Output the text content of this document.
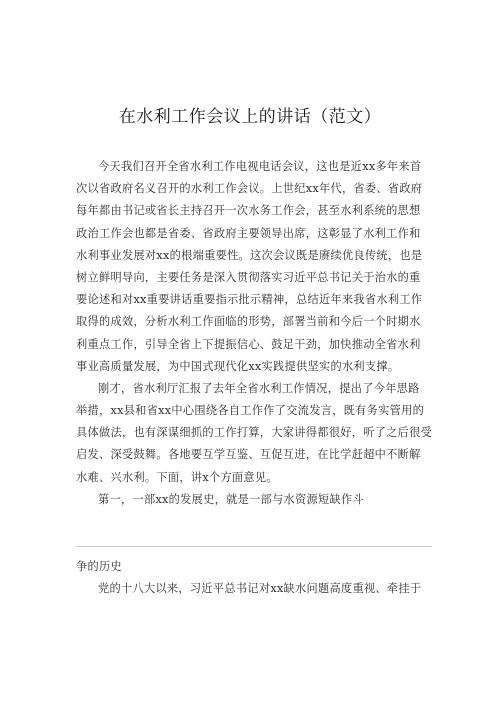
在水利工作会议上的讲话（范文）
今天我们召开全省水利工作电视电话会议，这也是近xx多年来首
次以省政府名义召开的水利工作会议。上世纪xx年代，省委、省政府
每年都由书记或省长主持召开一次水务工作会，甚至水利系统的思想
政治工作会也都是省委、省政府主要领导出席，这彰显了水利工作和
水利事业发展对xx的根端重要性。这次会议既是赓续优良传统，也是
树立鲜明导向，主要任务是深入贯彻落实习近平总书记关于治水的重
要论述和对xx重要讲话重要指示批示精神，总结近年来我省水利工作
取得的成效，分析水利工作面临的形势，部署当前和今后一个时期水
利重点工作，引导全省上下提振信心、鼓足干劲，加快推动全省水利
事业高质量发展，为中国式现代化xx实践提供坚实的水利支撑。
刚才，省水利厅汇报了去年全省水利工作情况，提出了今年思路
举措，xx县和省xx中心围绕各自工作作了交流发言，既有务实管用的
具体做法，也有深谋细抓的工作打算，大家讲得都很好，听了之后很受
启发、深受鼓舞。各地要互学互鉴、互促互进，在比学赶超中不断解
水难、兴水利。下面，讲x个方面意见。
第一，一部xx的发展史，就是一部与水资源短缺作斗
争的历史
党的十八大以来，习近平总书记对xx缺水问题高度重视、牵挂于
